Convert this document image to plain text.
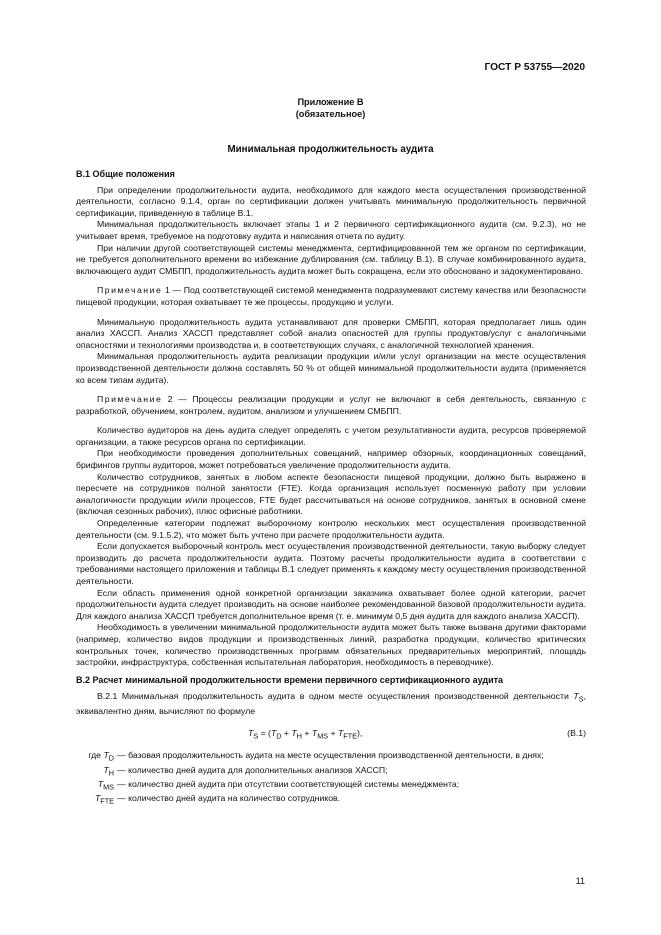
ГОСТ Р 53755—2020
Приложение В
(обязательное)
Минимальная продолжительность аудита
В.1 Общие положения

При определении продолжительности аудита, необходимого для каждого места осуществления производственной деятельности, согласно 9.1.4, орган по сертификации должен учитывать минимальную продолжительность первичной сертификации, приведенную в таблице В.1.

Минимальная продолжительность включает этапы 1 и 2 первичного сертификационного аудита (см. 9.2.3), но не учитывает время, требуемое на подготовку аудита и написания отчета по аудиту.

При наличии другой соответствующей системы менеджмента, сертифицированной тем же органом по сертификации, не требуется дополнительного времени во избежание дублирования (см. таблицу В.1). В случае комбинированного аудита, включающего аудит СМБПП, продолжительность аудита может быть сокращена, если это обосновано и задокументировано.

Примечание 1 — Под соответствующей системой менеджмента подразумевают систему качества или безопасности пищевой продукции, которая охватывает те же процессы, продукцию и услуги.

Минимальную продолжительность аудита устанавливают для проверки СМБПП, которая предполагает лишь один анализ ХАССП. Анализ ХАССП представляет собой анализ опасностей для группы продуктов/услуг с аналогичными опасностями и технологиями производства и, в соответствующих случаях, с аналогичной технологией хранения.

Минимальная продолжительность аудита реализации продукции и/или услуг организации на месте осуществления производственной деятельности должна составлять 50 % от общей минимальной продолжительности аудита (применяется ко всем типам аудита).

Примечание 2 — Процессы реализации продукции и услуг не включают в себя деятельность, связанную с разработкой, обучением, контролем, аудитом, анализом и улучшением СМБПП.

Количество аудиторов на день аудита следует определять с учетом результативности аудита, ресурсов проверяемой организации, а также ресурсов органа по сертификации.

При необходимости проведения дополнительных совещаний, например обзорных, координационных совещаний, брифингов группы аудиторов, может потребоваться увеличение продолжительности аудита.

Количество сотрудников, занятых в любом аспекте безопасности пищевой продукции, должно быть выражено в пересчете на сотрудников полной занятости (FTE). Когда организация использует посменную работу при условии аналогичности продукции и/или процессов, FTE будет рассчитываться на основе сотрудников, занятых в основной смене (включая сезонных рабочих), плюс офисные работники.

Определенные категории подлежат выборочному контролю нескольких мест осуществления производственной деятельности (см. 9.1.5.2), что может быть учтено при расчете продолжительности аудита.

Если допускается выборочный контроль мест осуществления производственной деятельности, такую выборку следует производить до расчета продолжительности аудита. Поэтому расчеты продолжительности аудита в соответствии с требованиями настоящего приложения и таблицы В.1 следует применять к каждому месту осуществления производственной деятельности.

Если область применения одной конкретной организации заказчика охватывает более одной категории, расчет продолжительности аудита следует производить на основе наиболее рекомендованной базовой продолжительности аудита. Для каждого анализа ХАССП требуется дополнительное время (т. е. минимум 0,5 дня аудита для каждого анализа ХАССП).

Необходимость в увеличении минимальной продолжительности аудита может быть также вызвана другими факторами (например, количество видов продукции и производственных линий, разработка продукции, количество критических контрольных точек, количество производственных программ обязательных предварительных мероприятий, площадь застройки, инфраструктура, собственная испытательная лаборатория, необходимость в переводчике).

В.2 Расчет минимальной продолжительности времени первичного сертификационного аудита

В.2.1 Минимальная продолжительность аудита в одном месте осуществления производственной деятельности $T_S$, эквивалентно дням, вычисляют по формуле

$T_S = (T_D + T_H + T_{MS} + T_{FTE})$,	(В.1)
где $T_D$ — базовая продолжительность аудита на месте осуществления производственной деятельности, в днях;
$T_H$ — количество дней аудита для дополнительных анализов ХАССП;
$T_{MS}$ — количество дней аудита при отсутствии соответствующей системы менеджмента;
$T_{FTE}$ — количество дней аудита на количество сотрудников.
11
